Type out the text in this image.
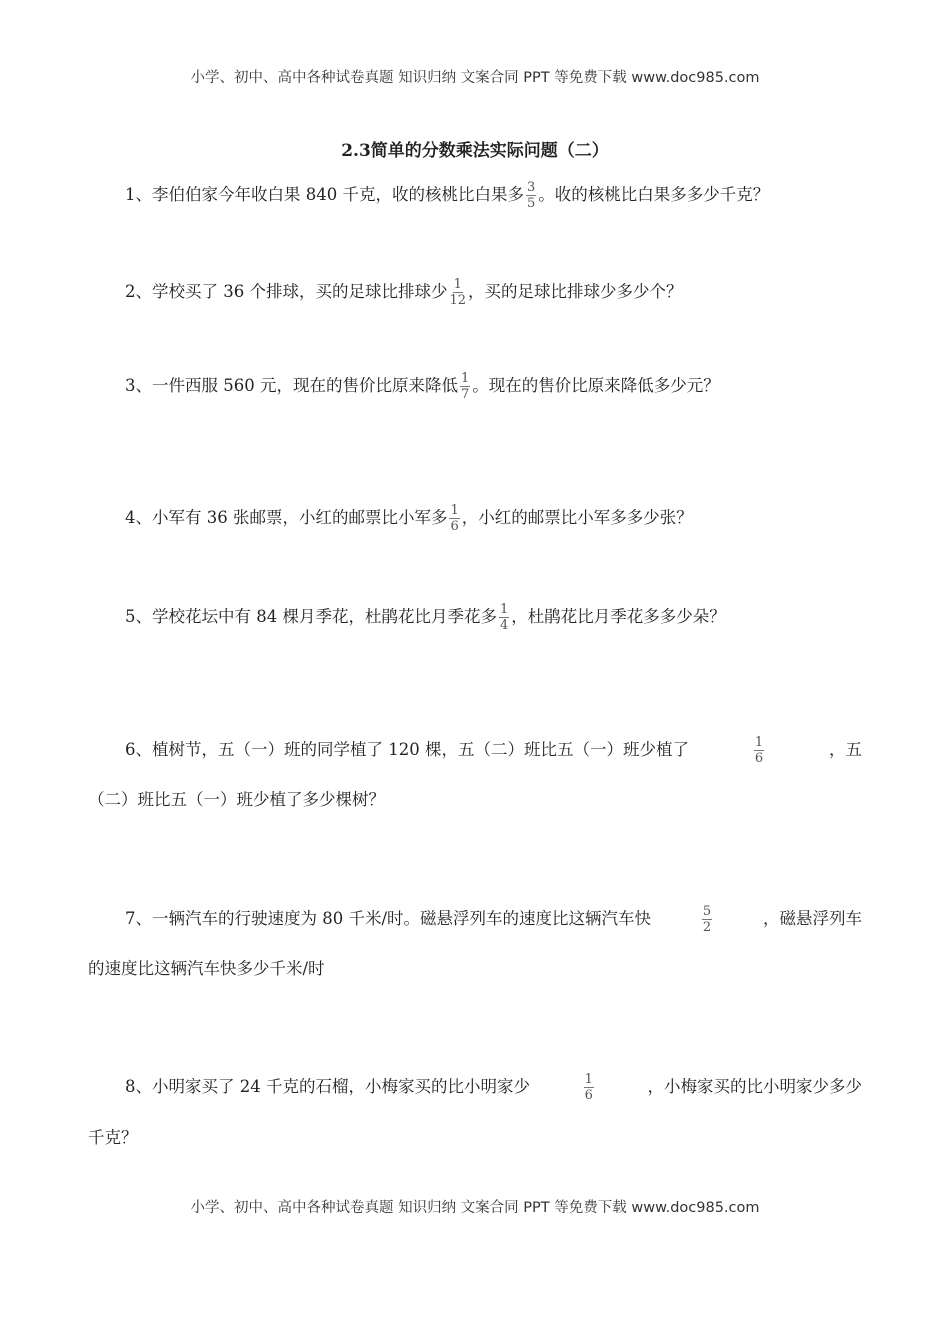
小学、初中、高中各种试卷真题 知识归纳 文案合同 PPT 等免费下载 www.doc985.com
2.3简单的分数乘法实际问题（二）
1、李伯伯家今年收白果 840 千克，收的核桃比白果多 $\frac{3}{5}$ 。收的核桃比白果多多少千克？
2、学校买了 36 个排球，买的足球比排球少 $\frac{1}{12}$ ，买的足球比排球少多少个？
3、一件西服 560 元，现在的售价比原来降低 $\frac{1}{7}$ 。现在的售价比原来降低多少元？
4、小军有 36 张邮票，小红的邮票比小军多 $\frac{1}{6}$ ，小红的邮票比小军多多少张？
5、学校花坛中有 84 棵月季花，杜鹃花比月季花多 $\frac{1}{4}$ ，杜鹃花比月季花多多少朵？
6、植树节，五（一）班的同学植了 120 棵，五（二）班比五（一）班少植了	$\frac{1}{6}$	，五
（二）班比五（一）班少植了多少棵树？
7、一辆汽车的行驶速度为 80 千米/时。磁悬浮列车的速度比这辆汽车快	$\frac{5}{2}$	，磁悬浮列车
的速度比这辆汽车快多少千米/时
8、小明家买了 24 千克的石榴，小梅家买的比小明家少	$\frac{1}{6}$	，小梅家买的比小明家少多少
千克？
小学、初中、高中各种试卷真题 知识归纳 文案合同 PPT 等免费下载 www.doc985.com
